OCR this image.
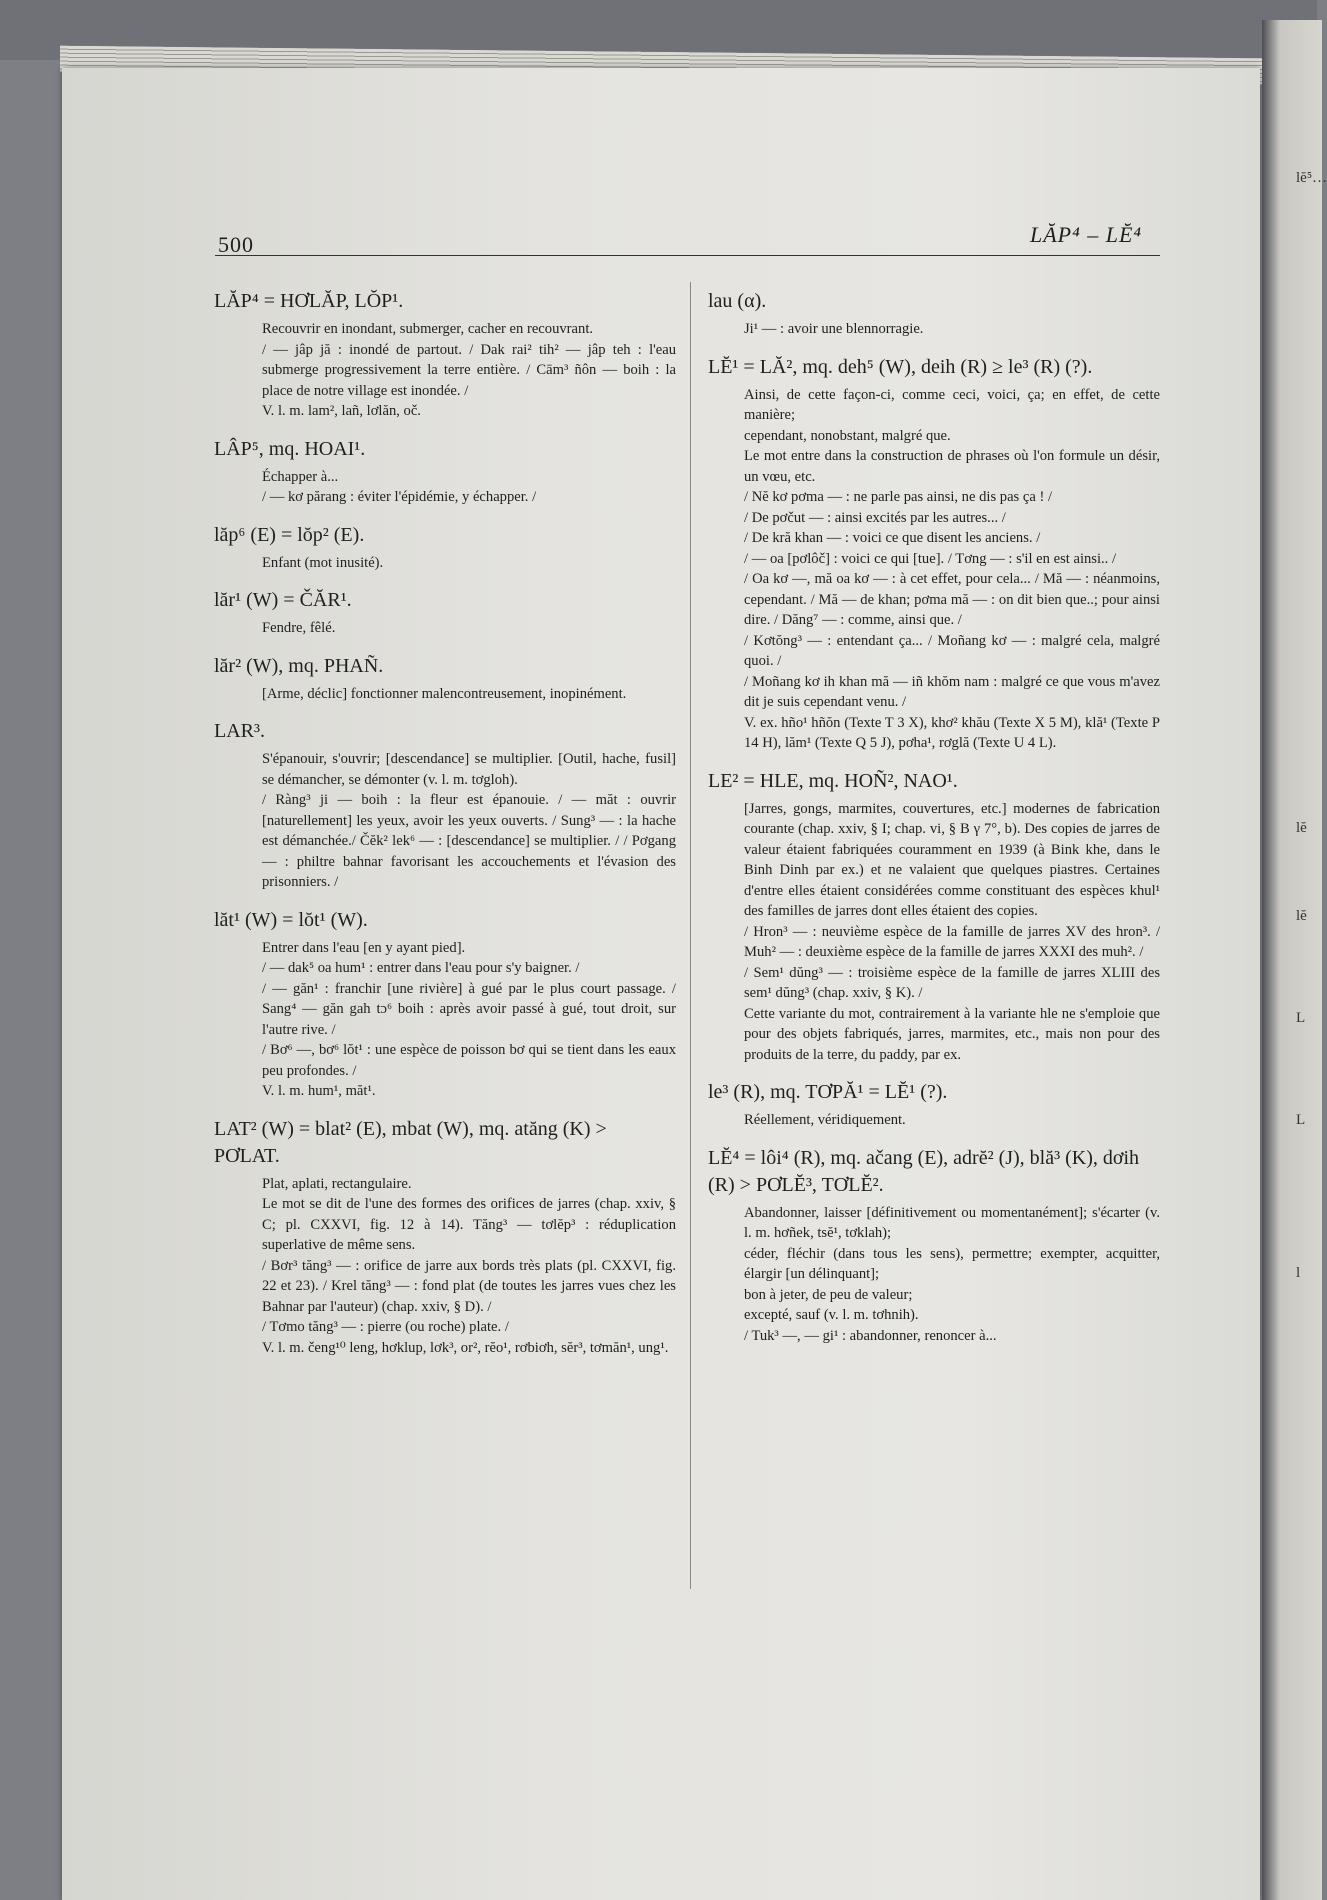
lĕ⁵…
lĕ
lĕ
L
L
l
500	LĂP⁴ – LĔ⁴
LĂP⁴ = HƠLĂP, LŎP¹.
Recouvrir en inondant, submerger, cacher en recouvrant.
/ — jâp jă : inondé de partout. / Dak rai² tih² — jâp teh : l'eau submerge progressivement la terre entière. / Cām³ ñôn — boih : la place de notre village est inondée. /
V. l. m. lam², lañ, lơlăn, oč.
LÂP⁵, mq. HOAI¹.
Échapper à...
/ — kơ părang : éviter l'épidémie, y échapper. /
lăp⁶ (E) = lŏp² (E).
Enfant (mot inusité).
lăr¹ (W) = ČĂR¹.
Fendre, fêlé.
lăr² (W), mq. PHAÑ.
[Arme, déclic] fonctionner malencontreusement, inopinément.
LAR³.
S'épanouir, s'ouvrir; [descendance] se multiplier. [Outil, hache, fusil] se démancher, se démonter (v. l. m. tơgloh).
/ Ràng³ ji — boih : la fleur est épanouie. / — măt : ouvrir [naturellement] les yeux, avoir les yeux ouverts. / Sung³ — : la hache est démanchée./ Čĕk² lek⁶ — : [descendance] se multiplier. / / Pơgang — : philtre bahnar favorisant les accouchements et l'évasion des prisonniers. /
lăt¹ (W) = lŏt¹ (W).
Entrer dans l'eau [en y ayant pied].
/ — dak⁵ oa hum¹ : entrer dans l'eau pour s'y baigner. /
/ — găn¹ : franchir [une rivière] à gué par le plus court passage. / Sang⁴ — găn gah tɔ⁶ boih : après avoir passé à gué, tout droit, sur l'autre rive. /
/ Bơ⁶ —, bơ⁶ lŏt¹ : une espèce de poisson bơ qui se tient dans les eaux peu profondes. /
V. l. m. hum¹, măt¹.
LAT² (W) = blat² (E), mbat (W), mq. atăng (K) > PƠLAT.
Plat, aplati, rectangulaire.
Le mot se dit de l'une des formes des orifices de jarres (chap. xxiv, § C; pl. CXXVI, fig. 12 à 14). Tăng³ — tơlĕp³ : réduplication superlative de même sens.
/ Bơr³ tăng³ — : orifice de jarre aux bords très plats (pl. CXXVI, fig. 22 et 23). / Krel tăng³ — : fond plat (de toutes les jarres vues chez les Bahnar par l'auteur) (chap. xxiv, § D). /
/ Tơmo tăng³ — : pierre (ou roche) plate. /
V. l. m. čeng¹⁰ leng, hơklup, lơk³, or², rĕo¹, rơbiơh, sĕr³, tơmăn¹, ung¹.
lau (α).
Ji¹ — : avoir une blennorragie.
LĔ¹ = LĂ², mq. deh⁵ (W), deih (R) ≥ le³ (R) (?).
Ainsi, de cette façon-ci, comme ceci, voici, ça; en effet, de cette manière;
cependant, nonobstant, malgré que.
Le mot entre dans la construction de phrases où l'on formule un désir, un vœu, etc.
/ Nĕ kơ pơma — : ne parle pas ainsi, ne dis pas ça ! /
/ De pơčut — : ainsi excités par les autres... /
/ De kră khan — : voici ce que disent les anciens. /
/ — oa [pơlôč] : voici ce qui [tue]. / Tơng — : s'il en est ainsi.. /
/ Oa kơ —, mă oa kơ — : à cet effet, pour cela... / Mă — : néanmoins, cependant. / Mă — de khan; pơma mă — : on dit bien que..; pour ainsi dire. / Dăng⁷ — : comme, ainsi que. /
/ Kơtŏng³ — : entendant ça... / Moñang kơ — : malgré cela, malgré quoi. /
/ Moñang kơ ih khan mă — iñ khŏm nam : malgré ce que vous m'avez dit je suis cependant venu. /
V. ex. hño¹ hñŏn (Texte T 3 X), khơ² khău (Texte X 5 M), klă¹ (Texte P 14 H), lăm¹ (Texte Q 5 J), pơha¹, rơglă (Texte U 4 L).
LE² = HLE, mq. HOÑ², NAO¹.
[Jarres, gongs, marmites, couvertures, etc.] modernes de fabrication courante (chap. xxiv, § I; chap. vi, § B γ 7°, b). Des copies de jarres de valeur étaient fabriquées couramment en 1939 (à Bink khe, dans le Binh Dinh par ex.) et ne valaient que quelques piastres. Certaines d'entre elles étaient considérées comme constituant des espèces khul¹ des familles de jarres dont elles étaient des copies.
/ Hron³ — : neuvième espèce de la famille de jarres XV des hron³. / Muh² — : deuxième espèce de la famille de jarres XXXI des muh². /
/ Sem¹ dŭng³ — : troisième espèce de la famille de jarres XLIII des sem¹ dŭng³ (chap. xxiv, § K). /
Cette variante du mot, contrairement à la variante hle ne s'emploie que pour des objets fabriqués, jarres, marmites, etc., mais non pour des produits de la terre, du paddy, par ex.
le³ (R), mq. TƠPĂ¹ = LĔ¹ (?).
Réellement, véridiquement.
LĔ⁴ = lôi⁴ (R), mq. ačang (E), adrĕ² (J), blă³ (K), dơih (R) > PƠLĔ³, TƠLĔ².
Abandonner, laisser [définitivement ou momentanément]; s'écarter (v. l. m. hơñek, tsĕ¹, tơklah);
céder, fléchir (dans tous les sens), permettre; exempter, acquitter, élargir [un délinquant];
bon à jeter, de peu de valeur;
excepté, sauf (v. l. m. tơhnih).
/ Tuk³ —, — gi¹ : abandonner, renoncer à...
